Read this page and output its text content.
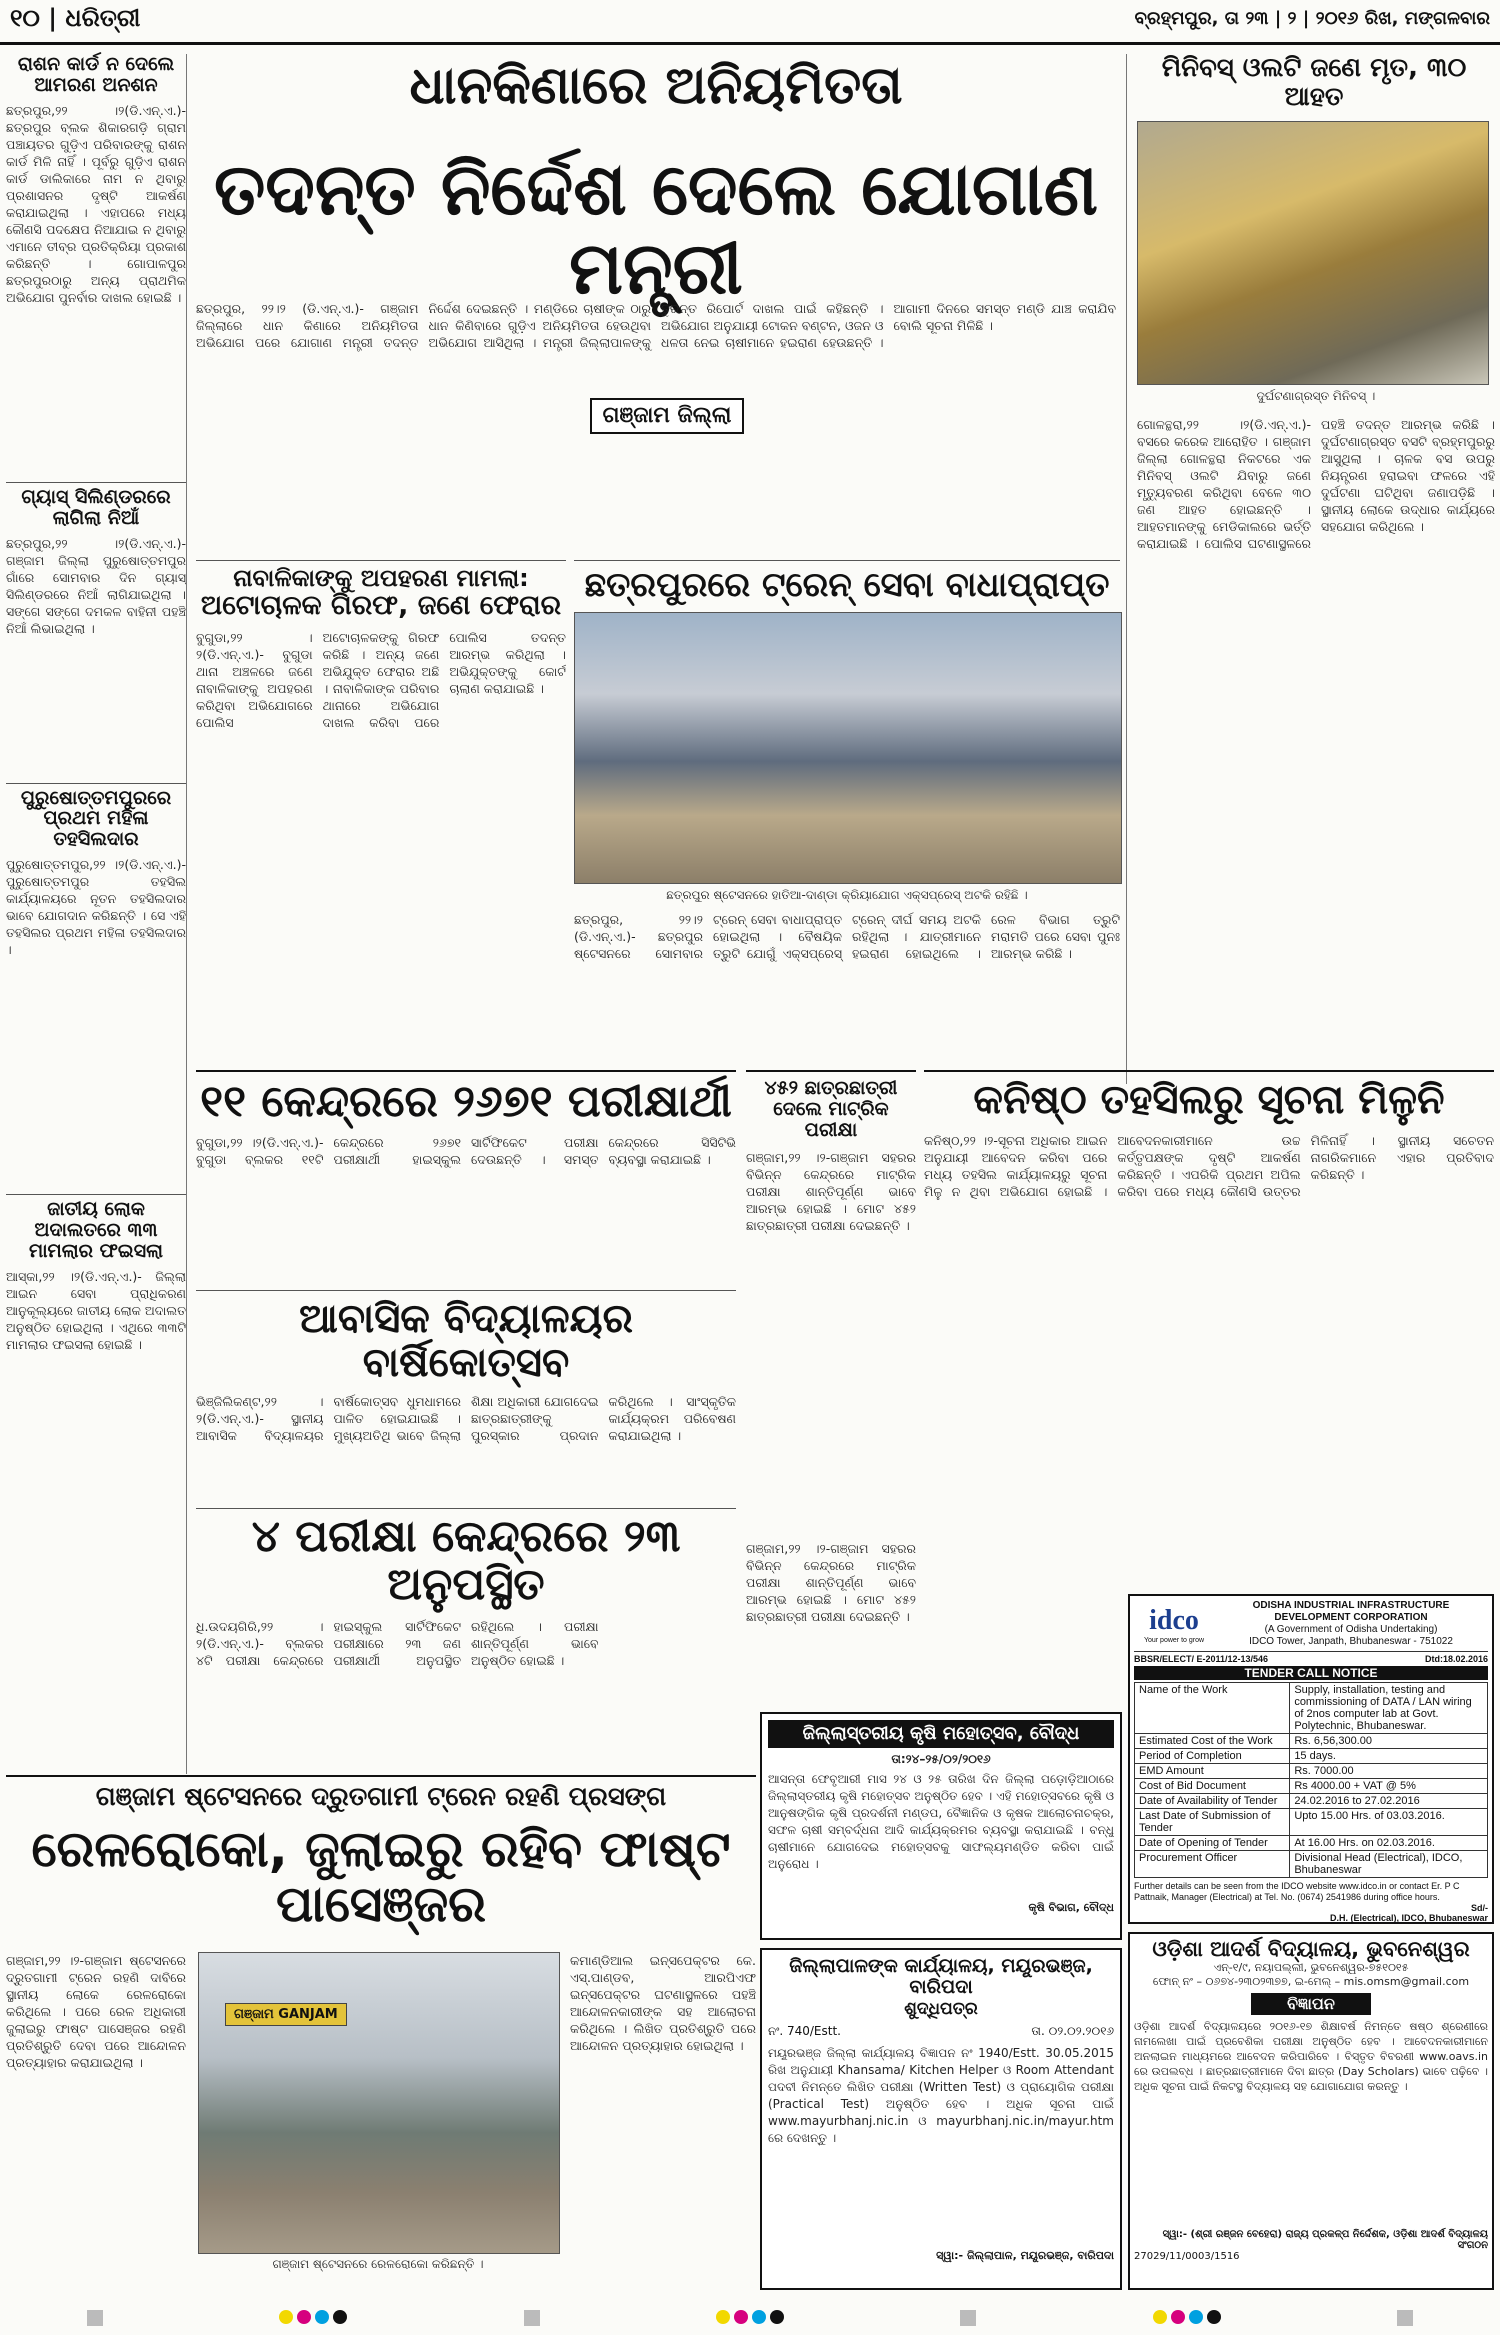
୧୦ | ଧରିତ୍ରୀ	ବ୍ରହ୍ମପୁର, ତା ୨୩ | ୨ | ୨୦୧୬ ରିଖ, ମଙ୍ଗଳବାର
ରାଶନ କାର୍ଡ ନ ଦେଲେ ଆମରଣ ଅନଶନ
ଛତ୍ରପୁର,୨୨ ।୨(ଡି.ଏନ୍.ଏ.)- ଛତ୍ରପୁର ବ୍ଲକ ଶିକାରଗଡ଼ି ଗ୍ରାମ ପଞ୍ଚାୟତର ଗୁଡ଼ିଏ ପରିବାରଙ୍କୁ ରାଶନ କାର୍ଡ ମିଳି ନାହିଁ । ପୂର୍ବରୁ ଗୁଡ଼ିଏ ରାଶନ କାର୍ଡ ଡାଲିକାରେ ନାମ ନ ଥିବାରୁ ପ୍ରଶାସନର ଦୃଷ୍ଟି ଆକର୍ଷଣ କରାଯାଇଥିଲା । ଏହାପରେ ମଧ୍ୟ କୌଣସି ପଦକ୍ଷେପ ନିଆଯାଇ ନ ଥିବାରୁ ଏମାନେ ତୀବ୍ର ପ୍ରତିକ୍ରିୟା ପ୍ରକାଶ କରିଛନ୍ତି । ଗୋପାଳପୁର ଛତ୍ରପୁରଠାରୁ ଅନ୍ୟ ପ୍ରାଥମିକ ଅଭିଯୋଗ ପୁନର୍ବାର ଦାଖଲ ହୋଇଛି ।
ଗ୍ୟାସ୍ ସିଲିଣ୍ଡରରେ ଲାଗିଲା ନିଆଁ
ଛତ୍ରପୁର,୨୨ ।୨(ଡି.ଏନ୍.ଏ.)- ଗଞ୍ଜାମ ଜିଲ୍ଲା ପୁରୁଷୋତ୍ତମପୁର ଗାଁରେ ସୋମବାର ଦିନ ଗ୍ୟାସ୍ ସିଲିଣ୍ଡରରେ ନିଆଁ ଲାଗିଯାଇଥିଲା । ସଙ୍ଗେ ସଙ୍ଗେ ଦମକଳ ବାହିନୀ ପହଞ୍ଚି ନିଆଁ ଲିଭାଇଥିଲା ।
ପୁରୁଷୋତ୍ତମପୁରରେ ପ୍ରଥମ ମହିଳା ତହସିଲଦାର
ପୁରୁଷୋତ୍ତମପୁର,୨୨ ।୨(ଡି.ଏନ୍.ଏ.)- ପୁରୁଷୋତ୍ତମପୁର ତହସିଲ କାର୍ଯ୍ୟାଳୟରେ ନୂତନ ତହସିଲଦାର ଭାବେ ଯୋଗଦାନ କରିଛନ୍ତି । ସେ ଏହି ତହସିଲର ପ୍ରଥମ ମହିଳା ତହସିଲଦାର ।
ଜାତୀୟ ଲୋକ ଅଦାଲତରେ ୩୩ ମାମଲାର ଫଇସଲା
ଆସ୍କା,୨୨ ।୨(ଡି.ଏନ୍.ଏ.)- ଜିଲ୍ଲା ଆଇନ ସେବା ପ୍ରାଧିକରଣ ଆନୁକୂଲ୍ୟରେ ଜାତୀୟ ଲୋକ ଅଦାଲତ ଅନୁଷ୍ଠିତ ହୋଇଥିଲା । ଏଥିରେ ୩୩ଟି ମାମଲାର ଫଇସଲା ହୋଇଛି ।
ଧାନକିଣାରେ ଅନିୟମିତତା
ତଦନ୍ତ ନିର୍ଦ୍ଦେଶ ଦେଲେ ଯୋଗାଣ ମନ୍ତ୍ରୀ
ଛତ୍ରପୁର, ୨୨।୨ (ଡି.ଏନ୍.ଏ.)- ଗଞ୍ଜାମ ଜିଲ୍ଲାରେ ଧାନ କିଣାରେ ଅନିୟମିତତା ଅଭିଯୋଗ ପରେ ଯୋଗାଣ ମନ୍ତ୍ରୀ ତଦନ୍ତ ନିର୍ଦ୍ଦେଶ ଦେଇଛନ୍ତି । ମଣ୍ଡିରେ ଚାଷୀଙ୍କ ଠାରୁ ଧାନ କିଣିବାରେ ଗୁଡ଼ିଏ ଅନିୟମିତତା ହେଉଥିବା ଅଭିଯୋଗ ଆସିଥିଲା । ମନ୍ତ୍ରୀ ଜିଲ୍ଲାପାଳଙ୍କୁ ତୁରନ୍ତ ରିପୋର୍ଟ ଦାଖଲ ପାଇଁ କହିଛନ୍ତି । ଅଭିଯୋଗ ଅନୁଯାୟୀ ଟୋକନ ବଣ୍ଟନ, ଓଜନ ଓ ଧଳତା ନେଇ ଚାଷୀମାନେ ହଇରାଣ ହେଉଛନ୍ତି । ଆଗାମୀ ଦିନରେ ସମସ୍ତ ମଣ୍ଡି ଯାଞ୍ଚ କରାଯିବ ବୋଲି ସୂଚନା ମିଳିଛି ।
ଗଞ୍ଜାମ ଜିଲ୍ଲା
ମିନିବସ୍ ଓଲଟି ଜଣେ ମୃତ, ୩୦ ଆହତ
ଦୁର୍ଘଟଣାଗ୍ରସ୍ତ ମିନିବସ୍ ।
ଗୋଳନ୍ଥରା,୨୨ ।୨(ଡି.ଏନ୍.ଏ.)- ବସରେ କରେକ ଆରୋହିତ । ଗଞ୍ଜାମ ଜିଲ୍ଲା ଗୋଳନ୍ଥରା ନିକଟରେ ଏକ ମିନିବସ୍ ଓଲଟି ଯିବାରୁ ଜଣେ ମୃତ୍ୟୁବରଣ କରିଥିବା ବେଳେ ୩୦ ଜଣ ଆହତ ହୋଇଛନ୍ତି । ଆହତମାନଙ୍କୁ ମେଡିକାଲରେ ଭର୍ତ୍ତି କରାଯାଇଛି । ପୋଲିସ ଘଟଣାସ୍ଥଳରେ ପହଞ୍ଚି ତଦନ୍ତ ଆରମ୍ଭ କରିଛି । ଦୁର୍ଘଟଣାଗ୍ରସ୍ତ ବସଟି ବ୍ରହ୍ମପୁରରୁ ଆସୁଥିଲା । ଚାଳକ ବସ ଉପରୁ ନିୟନ୍ତ୍ରଣ ହରାଇବା ଫଳରେ ଏହି ଦୁର୍ଘଟଣା ଘଟିଥିବା ଜଣାପଡ଼ିଛି । ସ୍ଥାନୀୟ ଲୋକେ ଉଦ୍ଧାର କାର୍ଯ୍ୟରେ ସହଯୋଗ କରିଥିଲେ ।
ନାବାଳିକାଙ୍କୁ ଅପହରଣ ମାମଲା:
ଅଟୋଚାଳକ ଗିରଫ, ଜଣେ ଫେରାର
ବୁଗୁଡା,୨୨ ।୨(ଡି.ଏନ୍.ଏ.)- ବୁଗୁଡା ଥାନା ଅଞ୍ଚଳରେ ଜଣେ ନାବାଳିକାଙ୍କୁ ଅପହରଣ କରିଥିବା ଅଭିଯୋଗରେ ପୋଲିସ ଅଟୋଚାଳକଙ୍କୁ ଗିରଫ କରିଛି । ଅନ୍ୟ ଜଣେ ଅଭିଯୁକ୍ତ ଫେରାର ଅଛି । ନାବାଳିକାଙ୍କ ପରିବାର ଥାନାରେ ଅଭିଯୋଗ ଦାଖଲ କରିବା ପରେ ପୋଲିସ ତଦନ୍ତ ଆରମ୍ଭ କରିଥିଲା । ଅଭିଯୁକ୍ତଙ୍କୁ କୋର୍ଟ ଚାଲାଣ କରାଯାଇଛି ।
ଛତ୍ରପୁରରେ ଟ୍ରେନ୍ ସେବା ବାଧାପ୍ରାପ୍ତ
ଛତ୍ରପୁର ଷ୍ଟେସନରେ ହାତିଆ-ଦାଣ୍ଡା କ୍ରିୟାଯୋଗ ଏକ୍ସପ୍ରେସ୍ ଅଟକି ରହିଛି ।
ଛତ୍ରପୁର, ୨୨।୨ (ଡି.ଏନ୍.ଏ.)- ଛତ୍ରପୁର ଷ୍ଟେସନରେ ସୋମବାର ଟ୍ରେନ୍ ସେବା ବାଧାପ୍ରାପ୍ତ ହୋଇଥିଲା । ବୈଷୟିକ ତ୍ରୁଟି ଯୋଗୁଁ ଏକ୍ସପ୍ରେସ୍ ଟ୍ରେନ୍ ଦୀର୍ଘ ସମୟ ଅଟକି ରହିଥିଲା । ଯାତ୍ରୀମାନେ ହଇରାଣ ହୋଇଥିଲେ । ରେଳ ବିଭାଗ ତ୍ରୁଟି ମରାମତି ପରେ ସେବା ପୁନଃ ଆରମ୍ଭ କରିଛି ।
୧୧ କେନ୍ଦ୍ରରେ ୨୬୭୧ ପରୀକ୍ଷାର୍ଥୀ
ବୁଗୁଡା,୨୨ ।୨(ଡି.ଏନ୍.ଏ.)- ବୁଗୁଡା ବ୍ଲକର ୧୧ଟି କେନ୍ଦ୍ରରେ ୨୬୭୧ ପରୀକ୍ଷାର୍ଥୀ ହାଇସ୍କୁଲ ସାର୍ଟିଫିକେଟ ପରୀକ୍ଷା ଦେଉଛନ୍ତି । ସମସ୍ତ କେନ୍ଦ୍ରରେ ସିସିଟିଭି ବ୍ୟବସ୍ଥା କରାଯାଇଛି ।
୪୫୨ ଛାତ୍ରଛାତ୍ରୀ ଦେଲେ ମାଟ୍ରିକ ପରୀକ୍ଷା
ଗଞ୍ଜାମ,୨୨ ।୨-ଗଞ୍ଜାମ ସହରର ବିଭିନ୍ନ କେନ୍ଦ୍ରରେ ମାଟ୍ରିକ ପରୀକ୍ଷା ଶାନ୍ତିପୂର୍ଣ୍ଣ ଭାବେ ଆରମ୍ଭ ହୋଇଛି । ମୋଟ ୪୫୨ ଛାତ୍ରଛାତ୍ରୀ ପରୀକ୍ଷା ଦେଇଛନ୍ତି ।
କନିଷ୍ଠ ତହସିଲରୁ ସୂଚନା ମିଳୁନି
କନିଷ୍ଠ,୨୨ ।୨-ସୂଚନା ଅଧିକାର ଆଇନ ଅନୁଯାୟୀ ଆବେଦନ କରିବା ପରେ ମଧ୍ୟ ତହସିଲ କାର୍ଯ୍ୟାଳୟରୁ ସୂଚନା ମିଳୁ ନ ଥିବା ଅଭିଯୋଗ ହୋଇଛି । ଆବେଦନକାରୀମାନେ ଉଚ୍ଚ କର୍ତ୍ତୃପକ୍ଷଙ୍କ ଦୃଷ୍ଟି ଆକର୍ଷଣ କରିଛନ୍ତି । ଏପରିକି ପ୍ରଥମ ଅପିଲ କରିବା ପରେ ମଧ୍ୟ କୌଣସି ଉତ୍ତର ମିଳିନାହିଁ । ସ୍ଥାନୀୟ ସଚେତନ ନାଗରିକମାନେ ଏହାର ପ୍ରତିବାଦ କରିଛନ୍ତି ।
ଆବାସିକ ବିଦ୍ୟାଳୟର ବାର୍ଷିକୋତ୍ସବ
ଭିଞ୍ଜିଲିକଣ୍ଟ,୨୨ ।୨(ଡି.ଏନ୍.ଏ.)- ସ୍ଥାନୀୟ ଆବାସିକ ବିଦ୍ୟାଳୟର ବାର୍ଷିକୋତ୍ସବ ଧୁମଧାମରେ ପାଳିତ ହୋଇଯାଇଛି । ମୁଖ୍ୟଅତିଥି ଭାବେ ଜିଲ୍ଲା ଶିକ୍ଷା ଅଧିକାରୀ ଯୋଗଦେଇ ଛାତ୍ରଛାତ୍ରୀଙ୍କୁ ପୁରସ୍କାର ପ୍ରଦାନ କରିଥିଲେ । ସାଂସ୍କୃତିକ କାର୍ଯ୍ୟକ୍ରମ ପରିବେଷଣ କରାଯାଇଥିଲା ।
୪ ପରୀକ୍ଷା କେନ୍ଦ୍ରରେ ୨୩ ଅନୁପସ୍ଥିତ
ଧି.ଉଦୟଗିରି,୨୨ ।୨(ଡି.ଏନ୍.ଏ.)- ବ୍ଲକର ୪ଟି ପରୀକ୍ଷା କେନ୍ଦ୍ରରେ ହାଇସ୍କୁଲ ସାର୍ଟିଫିକେଟ ପରୀକ୍ଷାରେ ୨୩ ଜଣ ପରୀକ୍ଷାର୍ଥୀ ଅନୁପସ୍ଥିତ ରହିଥିଲେ । ପରୀକ୍ଷା ଶାନ୍ତିପୂର୍ଣ୍ଣ ଭାବେ ଅନୁଷ୍ଠିତ ହୋଇଛି ।
ଗଞ୍ଜାମ,୨୨ ।୨-ଗଞ୍ଜାମ ସହରର ବିଭିନ୍ନ କେନ୍ଦ୍ରରେ ମାଟ୍ରିକ ପରୀକ୍ଷା ଶାନ୍ତିପୂର୍ଣ୍ଣ ଭାବେ ଆରମ୍ଭ ହୋଇଛି । ମୋଟ ୪୫୨ ଛାତ୍ରଛାତ୍ରୀ ପରୀକ୍ଷା ଦେଇଛନ୍ତି ।
ଗଞ୍ଜାମ ଷ୍ଟେସନରେ ଦ୍ରୁତଗାମୀ ଟ୍ରେନ ରହଣି ପ୍ରସଙ୍ଗ
ରେଳରୋକୋ, ଜୁଲାଇରୁ ରହିବ ଫାଷ୍ଟ ପାସେଞ୍ଜର
ଗଞ୍ଜାମ,୨୨ ।୨-ଗଞ୍ଜାମ ଷ୍ଟେସନରେ ଦ୍ରୁତଗାମୀ ଟ୍ରେନ ରହଣି ଦାବିରେ ସ୍ଥାନୀୟ ଲୋକେ ରେଳରୋକୋ କରିଥିଲେ । ପରେ ରେଳ ଅଧିକାରୀ ଜୁଲାଇରୁ ଫାଷ୍ଟ ପାସେଞ୍ଜର ରହଣି ପ୍ରତିଶ୍ରୁତି ଦେବା ପରେ ଆନ୍ଦୋଳନ ପ୍ରତ୍ୟାହାର କରାଯାଇଥିଲା ।
ଗଞ୍ଜାମ GANJAM
ଗଞ୍ଜାମ ଷ୍ଟେସନରେ ରେଳରୋକୋ କରିଛନ୍ତି ।
କମାଣ୍ଡିଆଲ ଇନ୍ସପେକ୍ଟର କେ. ଏସ୍.ପାଣ୍ଡବ, ଆରପିଏଫ ଇନ୍ସପେକ୍ଟର ଘଟଣାସ୍ଥଳରେ ପହଞ୍ଚି ଆନ୍ଦୋଳନକାରୀଙ୍କ ସହ ଆଲୋଚନା କରିଥିଲେ । ଲିଖିତ ପ୍ରତିଶ୍ରୁତି ପରେ ଆନ୍ଦୋଳନ ପ୍ରତ୍ୟାହାର ହୋଇଥିଲା ।
ଜିଲ୍ଲାସ୍ତରୀୟ କୃଷି ମହୋତ୍ସବ, ବୌଦ୍ଧ
ତା:୨୪–୨୫/୦୨/୨୦୧୬
ଆସନ୍ତା ଫେବୃଆରୀ ମାସ ୨୪ ଓ ୨୫ ତାରିଖ ଦିନ ଜିଲ୍ଲା ପଡ଼ୋଡ଼ିଆଠାରେ ଜିଲ୍ଲାସ୍ତରୀୟ କୃଷି ମହୋତ୍ସବ ଅନୁଷ୍ଠିତ ହେବ । ଏହି ମହୋତ୍ସବରେ କୃଷି ଓ ଆନୁଷଙ୍ଗିକ କୃଷି ପ୍ରଦର୍ଶନୀ ମଣ୍ଡପ, ବୈଜ୍ଞାନିକ ଓ କୃଷକ ଆଲୋଚନାଚକ୍ର, ସଫଳ ଚାଷୀ ସମ୍ବର୍ଦ୍ଧନା ଆଦି କାର୍ଯ୍ୟକ୍ରମର ବ୍ୟବସ୍ଥା କରାଯାଇଛି । ବନ୍ଧୁ ଚାଷୀମାନେ ଯୋଗଦେଇ ମହୋତ୍ସବକୁ ସାଫଲ୍ୟମଣ୍ଡିତ କରିବା ପାଇଁ ଅନୁରୋଧ ।
କୃଷି ବିଭାଗ, ବୌଦ୍ଧ
ଜିଲ୍ଲାପାଳଙ୍କ କାର୍ଯ୍ୟାଳୟ, ମୟୂରଭଞ୍ଜ, ବାରିପଦା
ଶୁଦ୍ଧିପତ୍ର
ନଂ. 740/Estt.	ତା. ୦୨.୦୨.୨୦୧୬
ମୟୂରଭଞ୍ଜ ଜିଲ୍ଲା କାର୍ଯ୍ୟାଳୟ ବିଜ୍ଞାପନ ନଂ 1940/Estt. 30.05.2015 ରିଖ ଅନୁଯାୟୀ Khansama/ Kitchen Helper ଓ Room Attendant ପଦବୀ ନିମନ୍ତେ ଲିଖିତ ପରୀକ୍ଷା (Written Test) ଓ ପ୍ରାୟୋଗିକ ପରୀକ୍ଷା (Practical Test) ଅନୁଷ୍ଠିତ ହେବ । ଅଧିକ ସୂଚନା ପାଇଁ www.mayurbhanj.nic.in ଓ mayurbhanj.nic.in/mayur.htm ରେ ଦେଖନ୍ତୁ ।
ସ୍ୱା:- ଜିଲ୍ଲାପାଳ, ମୟୂରଭଞ୍ଜ, ବାରିପଦା
idco
Your power to grow
ODISHA INDUSTRIAL INFRASTRUCTURE DEVELOPMENT CORPORATION
(A Government of Odisha Undertaking)
IDCO Tower, Janpath, Bhubaneswar - 751022
BBSR/ELECT/ E-2011/12-13/546	Dtd:18.02.2016
TENDER CALL NOTICE
Name of the Work	Supply, installation, testing and commissioning of DATA / LAN wiring of 2nos computer lab at Govt. Polytechnic, Bhubaneswar.
Estimated Cost of the Work	Rs. 6,56,300.00
Period of Completion	15 days.
EMD Amount	Rs. 7000.00
Cost of Bid Document	Rs 4000.00 + VAT @ 5%
Date of Availability of Tender	24.02.2016 to 27.02.2016
Last Date of Submission of Tender	Upto 15.00 Hrs. of 03.03.2016.
Date of Opening of Tender	At 16.00 Hrs. on 02.03.2016.
Procurement Officer	Divisional Head (Electrical), IDCO, Bhubaneswar
Further details can be seen from the IDCO website www.idco.in or contact Er. P C Pattnaik, Manager (Electrical) at Tel. No. (0674) 2541986 during office hours.
Sd/-
D.H. (Electrical), IDCO, Bhubaneswar
ଓଡ଼ିଶା ଆଦର୍ଶ ବିଦ୍ୟାଳୟ, ଭୁବନେଶ୍ୱର
ଏନ୍-୧/୯, ନୟାପଲ୍ଲୀ, ଭୁବନେଶ୍ୱର-୭୫୧୦୧୫
ଫୋନ୍ ନଂ – ୦୬୭୪-୨୩୦୨୩୭୭, ଇ-ମେଲ୍ – mis.omsm@gmail.com
ବିଜ୍ଞାପନ
ଓଡ଼ିଶା ଆଦର୍ଶ ବିଦ୍ୟାଳୟରେ ୨୦୧୬-୧୭ ଶିକ୍ଷାବର୍ଷ ନିମନ୍ତେ ଷଷ୍ଠ ଶ୍ରେଣୀରେ ନାମଲେଖା ପାଇଁ ପ୍ରବେଶିକା ପରୀକ୍ଷା ଅନୁଷ୍ଠିତ ହେବ । ଆବେଦନକାରୀମାନେ ଅନଲାଇନ ମାଧ୍ୟମରେ ଆବେଦନ କରିପାରିବେ । ବିସ୍ତୃତ ବିବରଣୀ www.oavs.in ରେ ଉପଲବ୍ଧ । ଛାତ୍ରଛାତ୍ରୀମାନେ ଦିବା ଛାତ୍ର (Day Scholars) ଭାବେ ପଢ଼ିବେ । ଅଧିକ ସୂଚନା ପାଇଁ ନିକଟସ୍ଥ ବିଦ୍ୟାଳୟ ସହ ଯୋଗାଯୋଗ କରନ୍ତୁ ।
ସ୍ୱା:- (ଶ୍ରୀ ରଞ୍ଜନ ବେହେରା) ରାଜ୍ୟ ପ୍ରକଳ୍ପ ନିର୍ଦ୍ଦେଶକ, ଓଡ଼ିଶା ଆଦର୍ଶ ବିଦ୍ୟାଳୟ ସଂଗଠନ
27029/11/0003/1516
